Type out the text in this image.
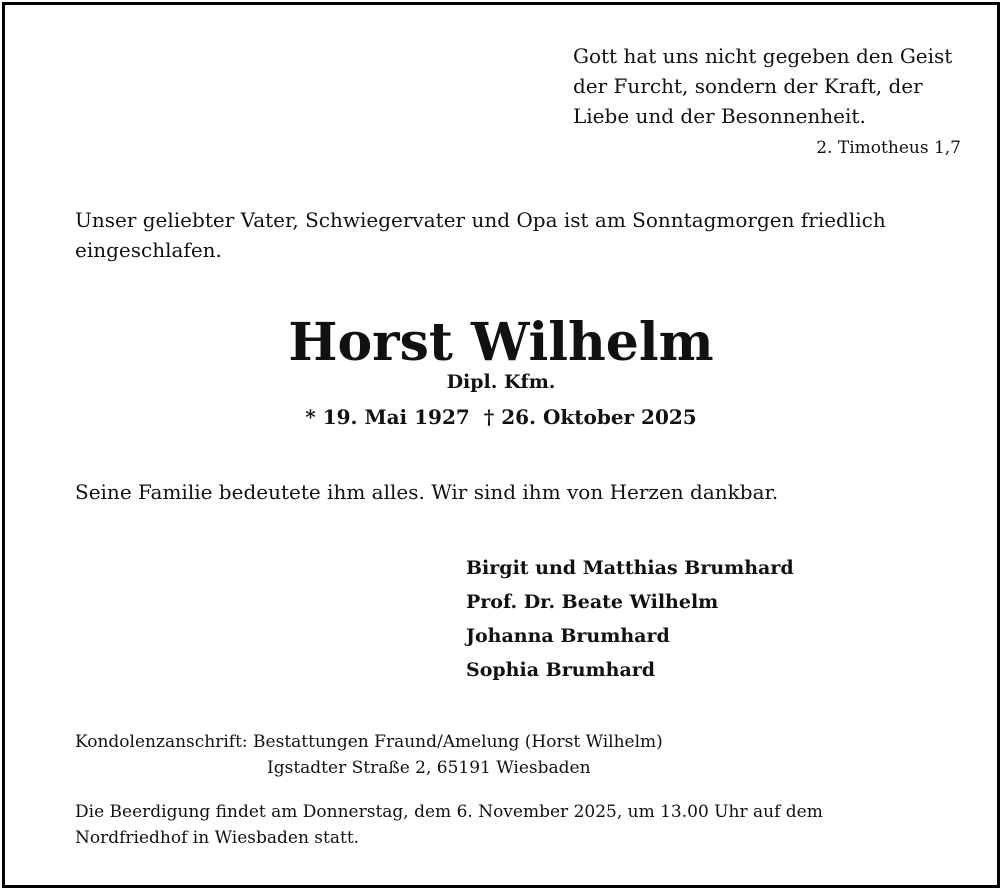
Gott hat uns nicht gegeben den Geist
der Furcht, sondern der Kraft, der
Liebe und der Besonnenheit.
2. Timotheus 1,7
Unser geliebter Vater, Schwiegervater und Opa ist am Sonntagmorgen friedlich
eingeschlafen.
Horst Wilhelm
Dipl. Kfm.
* 19. Mai 1927 † 26. Oktober 2025
Seine Familie bedeutete ihm alles. Wir sind ihm von Herzen dankbar.
Birgit und Matthias Brumhard
Prof. Dr. Beate Wilhelm
Johanna Brumhard
Sophia Brumhard
Kondolenzanschrift: Bestattungen Fraund/Amelung (Horst Wilhelm)
Igstadter Straße 2, 65191 Wiesbaden
Die Beerdigung findet am Donnerstag, dem 6. November 2025, um 13.00 Uhr auf dem
Nordfriedhof in Wiesbaden statt.
